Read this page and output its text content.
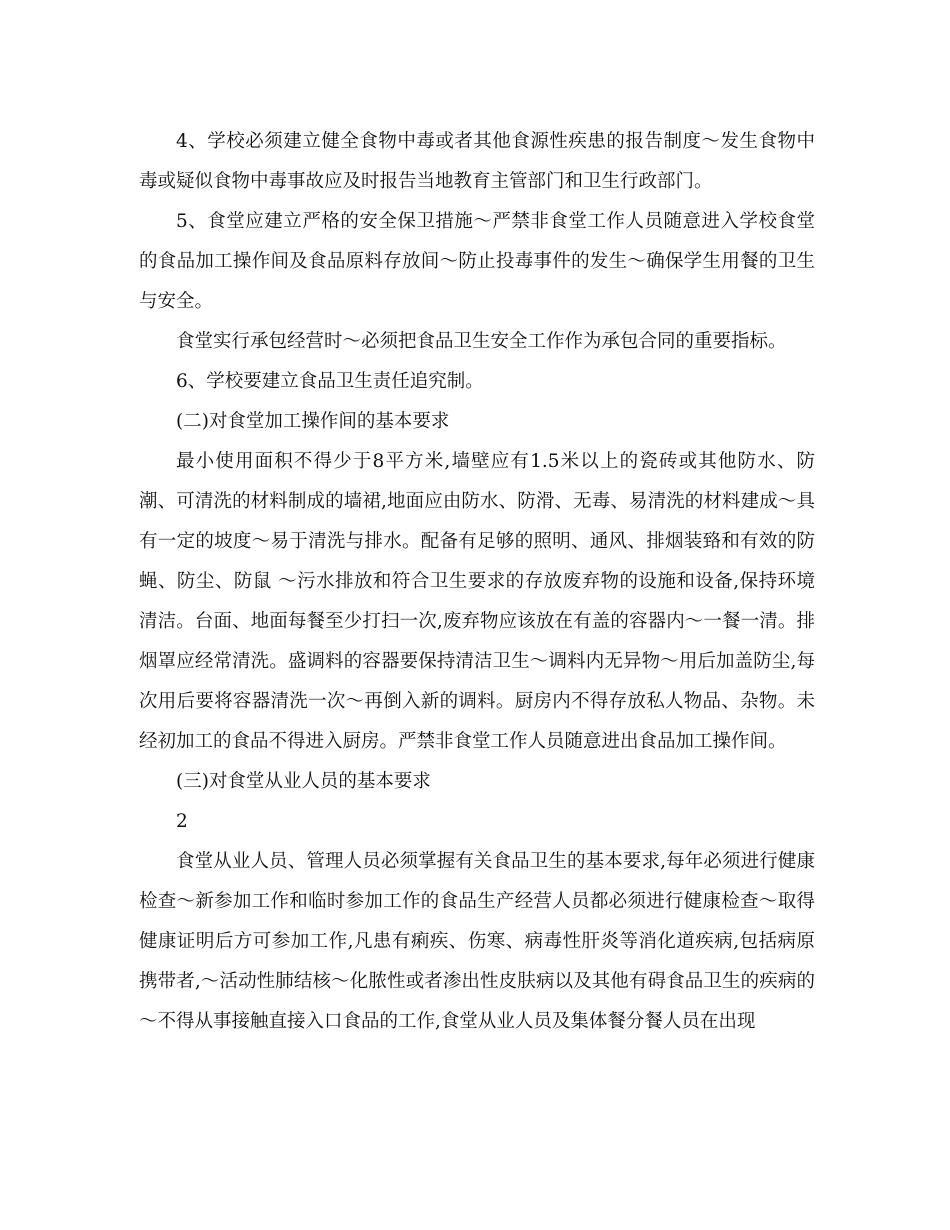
4、学校必须建立健全食物中毒或者其他食源性疾患的报告制度～发生食物中毒或疑似食物中毒事故应及时报告当地教育主管部门和卫生行政部门。

5、食堂应建立严格的安全保卫措施～严禁非食堂工作人员随意进入学校食堂的食品加工操作间及食品原料存放间～防止投毒事件的发生～确保学生用餐的卫生与安全。

食堂实行承包经营时～必须把食品卫生安全工作作为承包合同的重要指标。

6、学校要建立食品卫生责任追究制。

(二)对食堂加工操作间的基本要求

最小使用面积不得少于8平方米,墙壁应有1.5米以上的瓷砖或其他防水、防潮、可清洗的材料制成的墙裙,地面应由防水、防滑、无毒、易清洗的材料建成～具有一定的坡度～易于清洗与排水。配备有足够的照明、通风、排烟装臵和有效的防蝇、防尘、防鼠 ～污水排放和符合卫生要求的存放废弃物的设施和设备,保持环境清洁。台面、地面每餐至少打扫一次,废弃物应该放在有盖的容器内～一餐一清。排烟罩应经常清洗。盛调料的容器要保持清洁卫生～调料内无异物～用后加盖防尘,每次用后要将容器清洗一次～再倒入新的调料。厨房内不得存放私人物品、杂物。未经初加工的食品不得进入厨房。严禁非食堂工作人员随意进出食品加工操作间。

(三)对食堂从业人员的基本要求

2

食堂从业人员、管理人员必须掌握有关食品卫生的基本要求,每年必须进行健康检查～新参加工作和临时参加工作的食品生产经营人员都必须进行健康检查～取得健康证明后方可参加工作,凡患有痢疾、伤寒、病毒性肝炎等消化道疾病,包括病原携带者,～活动性肺结核～化脓性或者渗出性皮肤病以及其他有碍食品卫生的疾病的～不得从事接触直接入口食品的工作,食堂从业人员及集体餐分餐人员在出现
